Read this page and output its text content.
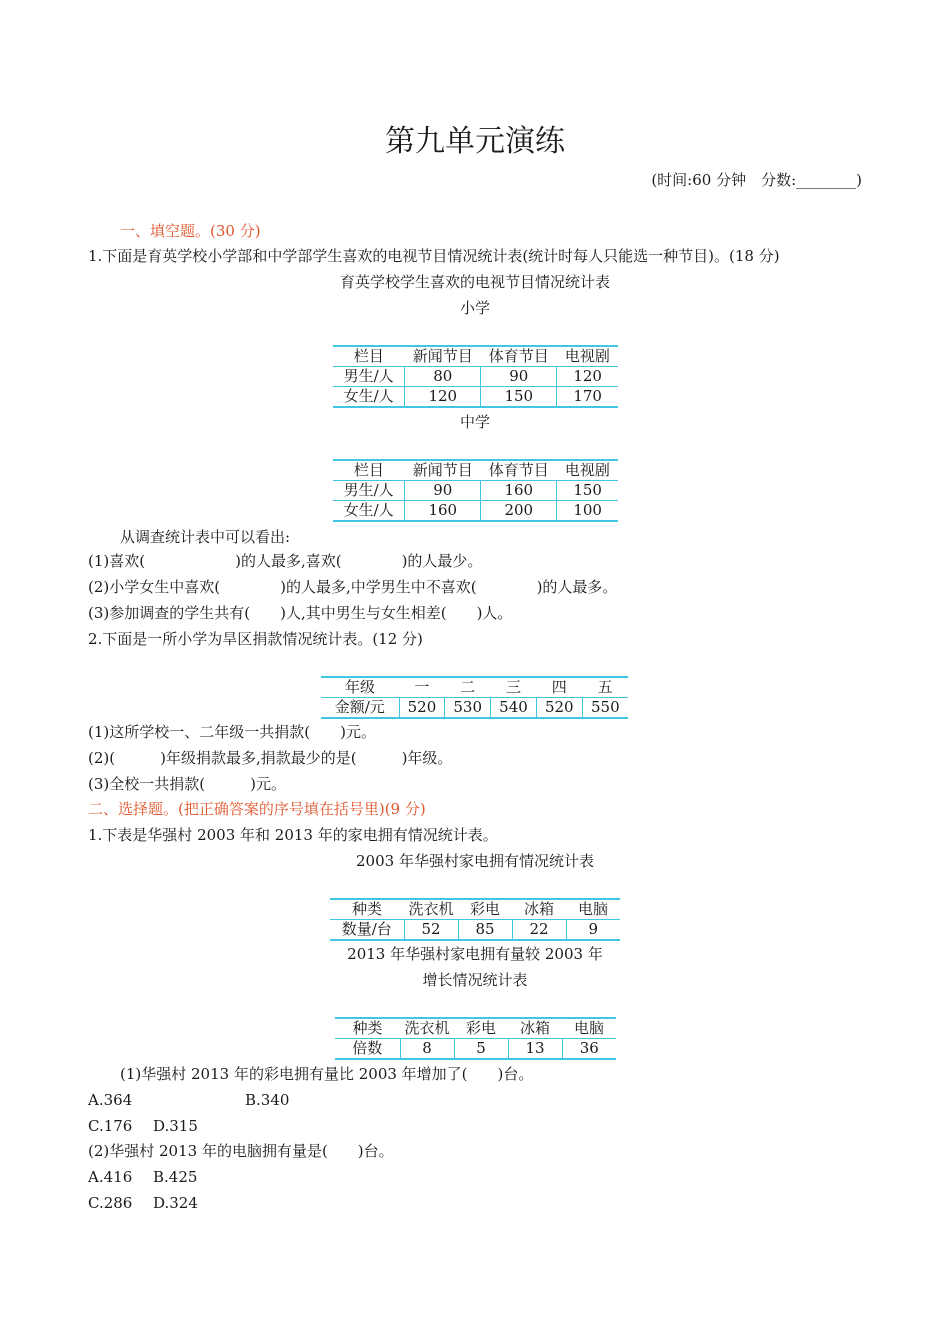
第九单元演练
(时间:60 分钟　分数:________)
一、填空题。(30 分)
1.下面是育英学校小学部和中学部学生喜欢的电视节目情况统计表(统计时每人只能选一种节目)。(18 分)
育英学校学生喜欢的电视节目情况统计表
小学
栏目	新闻节目	体育节目	电视剧
男生/人	80	90	120
女生/人	120	150	170
中学
栏目	新闻节目	体育节目	电视剧
男生/人	90	160	150
女生/人	160	200	100
从调查统计表中可以看出:
(1)喜欢(　　　　　　)的人最多,喜欢(　　　　)的人最少。
(2)小学女生中喜欢(　　　　)的人最多,中学男生中不喜欢(　　　　)的人最多。
(3)参加调查的学生共有(　　)人,其中男生与女生相差(　　)人。
2.下面是一所小学为旱区捐款情况统计表。(12 分)
年级	一	二	三	四	五
金额/元	520	530	540	520	550
(1)这所学校一、二年级一共捐款(　　)元。
(2)(　　　)年级捐款最多,捐款最少的是(　　　)年级。
(3)全校一共捐款(　　　)元。
二、选择题。(把正确答案的序号填在括号里)(9 分)
1.下表是华强村 2003 年和 2013 年的家电拥有情况统计表。
2003 年华强村家电拥有情况统计表
种类	洗衣机	彩电	冰箱	电脑
数量/台	52	85	22	9
2013 年华强村家电拥有量较 2003 年
增长情况统计表
种类	洗衣机	彩电	冰箱	电脑
倍数	8	5	13	36
(1)华强村 2013 年的彩电拥有量比 2003 年增加了(　　)台。
A.364	B.340
C.176 D.315
(2)华强村 2013 年的电脑拥有量是(　　)台。
A.416 B.425
C.286 D.324
